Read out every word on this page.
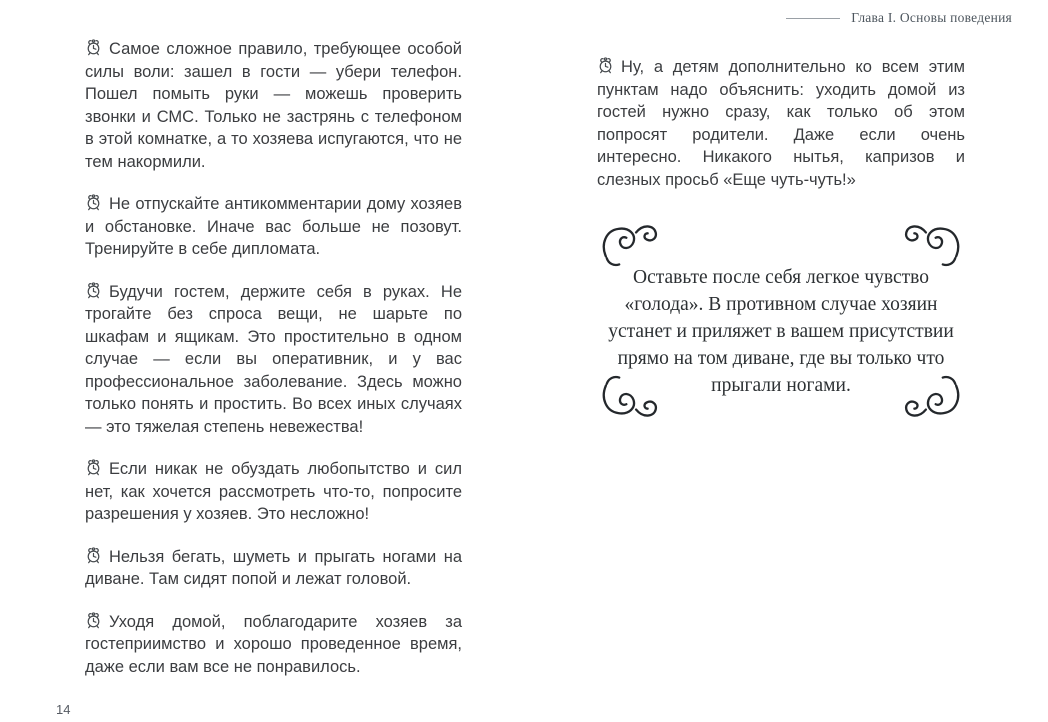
Глава I. Основы поведения

Самое сложное правило, требующее особой силы воли: зашел в гости — убери телефон. Пошел помыть руки — можешь проверить звонки и СМС. Только не застрянь с телефоном в этой комнатке, а то хозяева испугаются, что не тем накормили.

Не отпускайте антикомментарии дому хозяев и обстановке. Иначе вас больше не позовут. Тренируйте в себе дипломата.

Будучи гостем, держите себя в руках. Не трогайте без спроса вещи, не шарьте по шкафам и ящикам. Это простительно в одном случае — если вы оперативник, и у вас профессиональное заболевание. Здесь можно только понять и простить. Во всех иных случаях — это тяжелая степень невежества!

Если никак не обуздать любопытство и сил нет, как хочется рассмотреть что-то, попросите разрешения у хозяев. Это несложно!

Нельзя бегать, шуметь и прыгать ногами на диване. Там сидят попой и лежат головой.

Уходя домой, поблагодарите хозяев за гостеприимство и хорошо проведенное время, даже если вам все не понравилось.

Ну, а детям дополнительно ко всем этим пунктам надо объяснить: уходить домой из гостей нужно сразу, как только об этом попросят родители. Даже если очень интересно. Никакого нытья, капризов и слезных просьб «Еще чуть-чуть!»

Оставьте после себя легкое чувство «голода». В противном случае хозяин устанет и приляжет в вашем присутствии прямо на том диване, где вы только что прыгали ногами.

14
